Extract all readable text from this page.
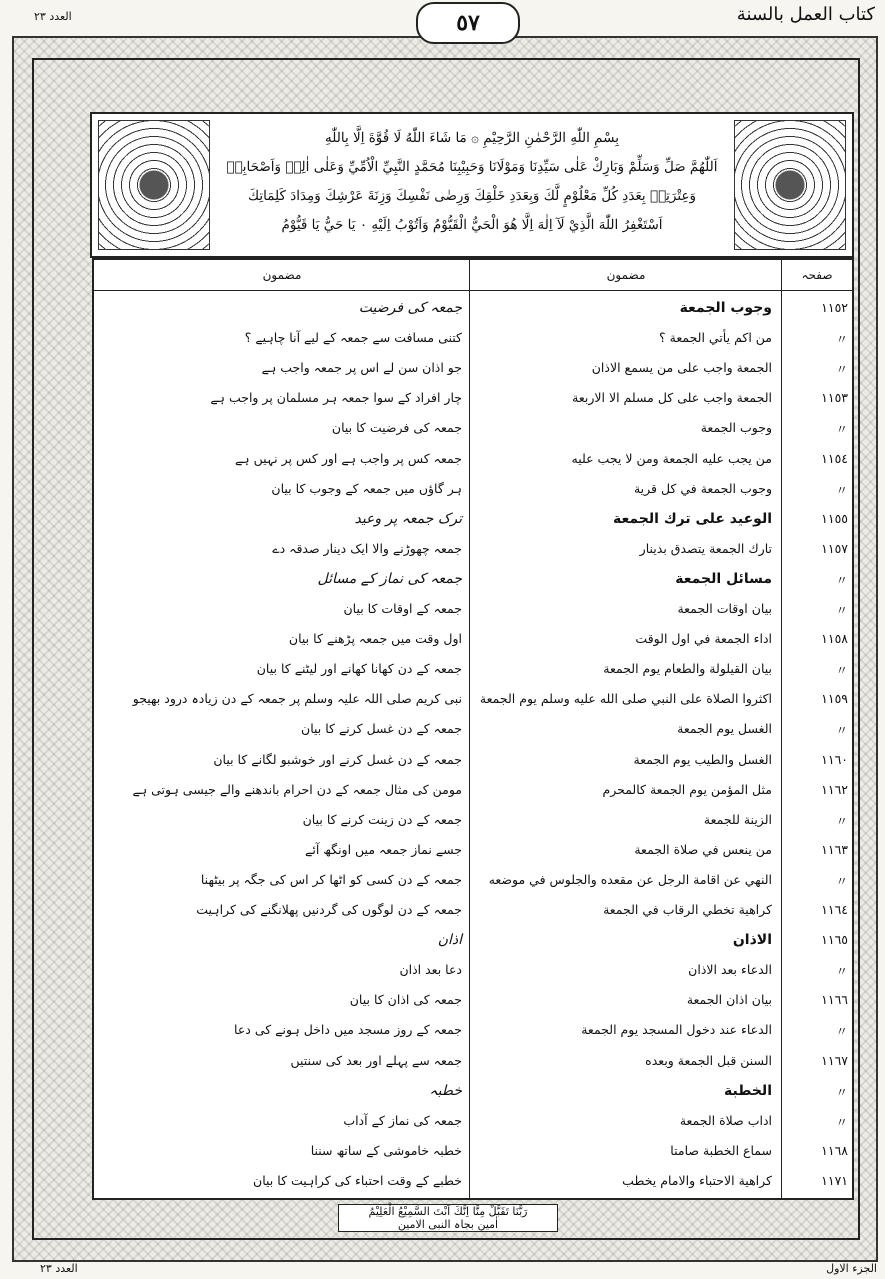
كتاب العمل بالسنة
العدد ٢٣	٥٧
بِسْمِ اللّٰهِ الرَّحْمٰنِ الرَّحِيْمِ ۞ مَا شَاءَ اللّٰهُ لَا قُوَّةَ اِلَّا بِاللّٰهِ
اَللّٰهُمَّ صَلِّ وَسَلِّمْ وَبَارِكْ عَلٰى سَيِّدِنَا وَمَوْلَانَا وَحَبِيْبِنَا مُحَمَّدٍ النَّبِيِّ الْاُمِّيِّ وَعَلٰى اٰلِهٖ وَاَصْحَابِهٖ
وَعِتْرَتِهٖ بِعَدَدِ كُلِّ مَعْلُوْمٍ لَّكَ وَبِعَدَدِ خَلْقِكَ وَرِضٰى نَفْسِكَ وَزِنَةَ عَرْشِكَ وَمِدَادَ كَلِمَاتِكَ
اَسْتَغْفِرُ اللّٰهَ الَّذِيْ لَآ اِلٰهَ اِلَّا هُوَ الْحَيُّ الْقَيُّوْمُ وَاَتُوْبُ اِلَيْهِ ۰ يَا حَيُّ يَا قَيُّوْمُ
صفحہ
مضمون
مضمون
١١٥٢
وجوب الجمعة
جمعہ کی فرضیت
〃
من اكم يأتي الجمعة ؟
کتنی مسافت سے جمعہ کے لیے آنا چاہیے ؟
〃
الجمعة واجب على من يسمع الاذان
جو اذان سن لے اس پر جمعہ واجب ہے
١١٥٣
الجمعة واجب على كل مسلم الا الاربعة
چار افراد کے سوا جمعہ ہر مسلمان پر واجب ہے
〃
وجوب الجمعة
جمعہ کی فرضیت کا بیان
١١٥٤
من يجب عليه الجمعة ومن لا يجب عليه
جمعہ کس پر واجب ہے اور کس پر نہیں ہے
〃
وجوب الجمعة في كل قرية
ہر گاؤں میں جمعہ کے وجوب کا بیان
١١٥٥
الوعيد على ترك الجمعة
ترک جمعہ پر وعید
١١٥٧
تارك الجمعة يتصدق بدينار
جمعہ چھوڑنے والا ایک دینار صدقہ دے
〃
مسائل الجمعة
جمعہ کی نماز کے مسائل
〃
بيان اوقات الجمعة
جمعہ کے اوقات کا بیان
١١٥٨
اداء الجمعة في اول الوقت
اول وقت میں جمعہ پڑھنے کا بیان
〃
بيان القيلولة والطعام يوم الجمعة
جمعہ کے دن کھانا کھانے اور لیٹنے کا بیان
١١٥٩
اكثروا الصلاة على النبي صلى الله عليه وسلم يوم الجمعة
نبی کریم صلی اللہ علیہ وسلم پر جمعہ کے دن زیادہ درود بھیجو
〃
الغسل يوم الجمعة
جمعہ کے دن غسل کرنے کا بیان
١١٦٠
الغسل والطيب يوم الجمعة
جمعہ کے دن غسل کرنے اور خوشبو لگانے کا بیان
١١٦٢
مثل المؤمن يوم الجمعة كالمحرم
مومن کی مثال جمعہ کے دن احرام باندھنے والے جیسی ہوتی ہے
〃
الزينة للجمعة
جمعہ کے دن زینت کرنے کا بیان
١١٦٣
من ينعس في صلاة الجمعة
جسے نماز جمعہ میں اونگھ آئے
〃
النهي عن اقامة الرجل عن مقعده والجلوس في موضعه
جمعہ کے دن کسی کو اٹھا کر اس کی جگہ پر بیٹھنا
١١٦٤
كراهية تخطي الرقاب في الجمعة
جمعہ کے دن لوگوں کی گردنیں پھلانگنے کی کراہیت
١١٦٥
الاذان
اذان
〃
الدعاء بعد الاذان
دعا بعد اذان
١١٦٦
بيان اذان الجمعة
جمعہ کی اذان کا بیان
〃
الدعاء عند دخول المسجد يوم الجمعة
جمعہ کے روز مسجد میں داخل ہونے کی دعا
١١٦٧
السنن قبل الجمعة وبعده
جمعہ سے پہلے اور بعد کی سنتیں
〃
الخطبة
خطبہ
〃
اداب صلاة الجمعة
جمعہ کی نماز کے آداب
١١٦٨
سماع الخطبة صامتا
خطبہ خاموشی کے ساتھ سننا
١١٧١
كراهية الاحتباء والامام يخطب
خطبے کے وقت احتباء کی کراہیت کا بیان
رَبَّنَا تَقَبَّلْ مِنَّا اِنَّكَ اَنْتَ السَّمِيْعُ الْعَلِيْمُ
اٰمین بجاہ النبی الامین
الجزء الاول
العدد ٢٣
